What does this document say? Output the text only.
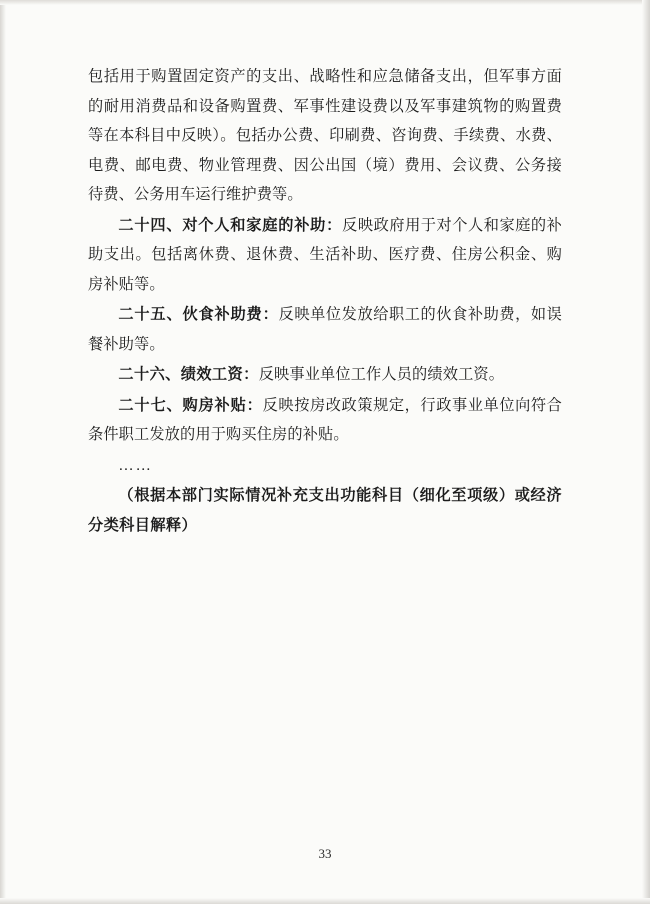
包括用于购置固定资产的支出、战略性和应急储备支出，但军事方面的耐用消费品和设备购置费、军事性建设费以及军事建筑物的购置费等在本科目中反映）。包括办公费、印刷费、咨询费、手续费、水费、电费、邮电费、物业管理费、因公出国（境）费用、会议费、公务接待费、公务用车运行维护费等。

二十四、对个人和家庭的补助：反映政府用于对个人和家庭的补助支出。包括离休费、退休费、生活补助、医疗费、住房公积金、购房补贴等。

二十五、伙食补助费：反映单位发放给职工的伙食补助费，如误餐补助等。

二十六、绩效工资：反映事业单位工作人员的绩效工资。

二十七、购房补贴：反映按房改政策规定，行政事业单位向符合条件职工发放的用于购买住房的补贴。

……

（根据本部门实际情况补充支出功能科目（细化至项级）或经济分类科目解释）

33
